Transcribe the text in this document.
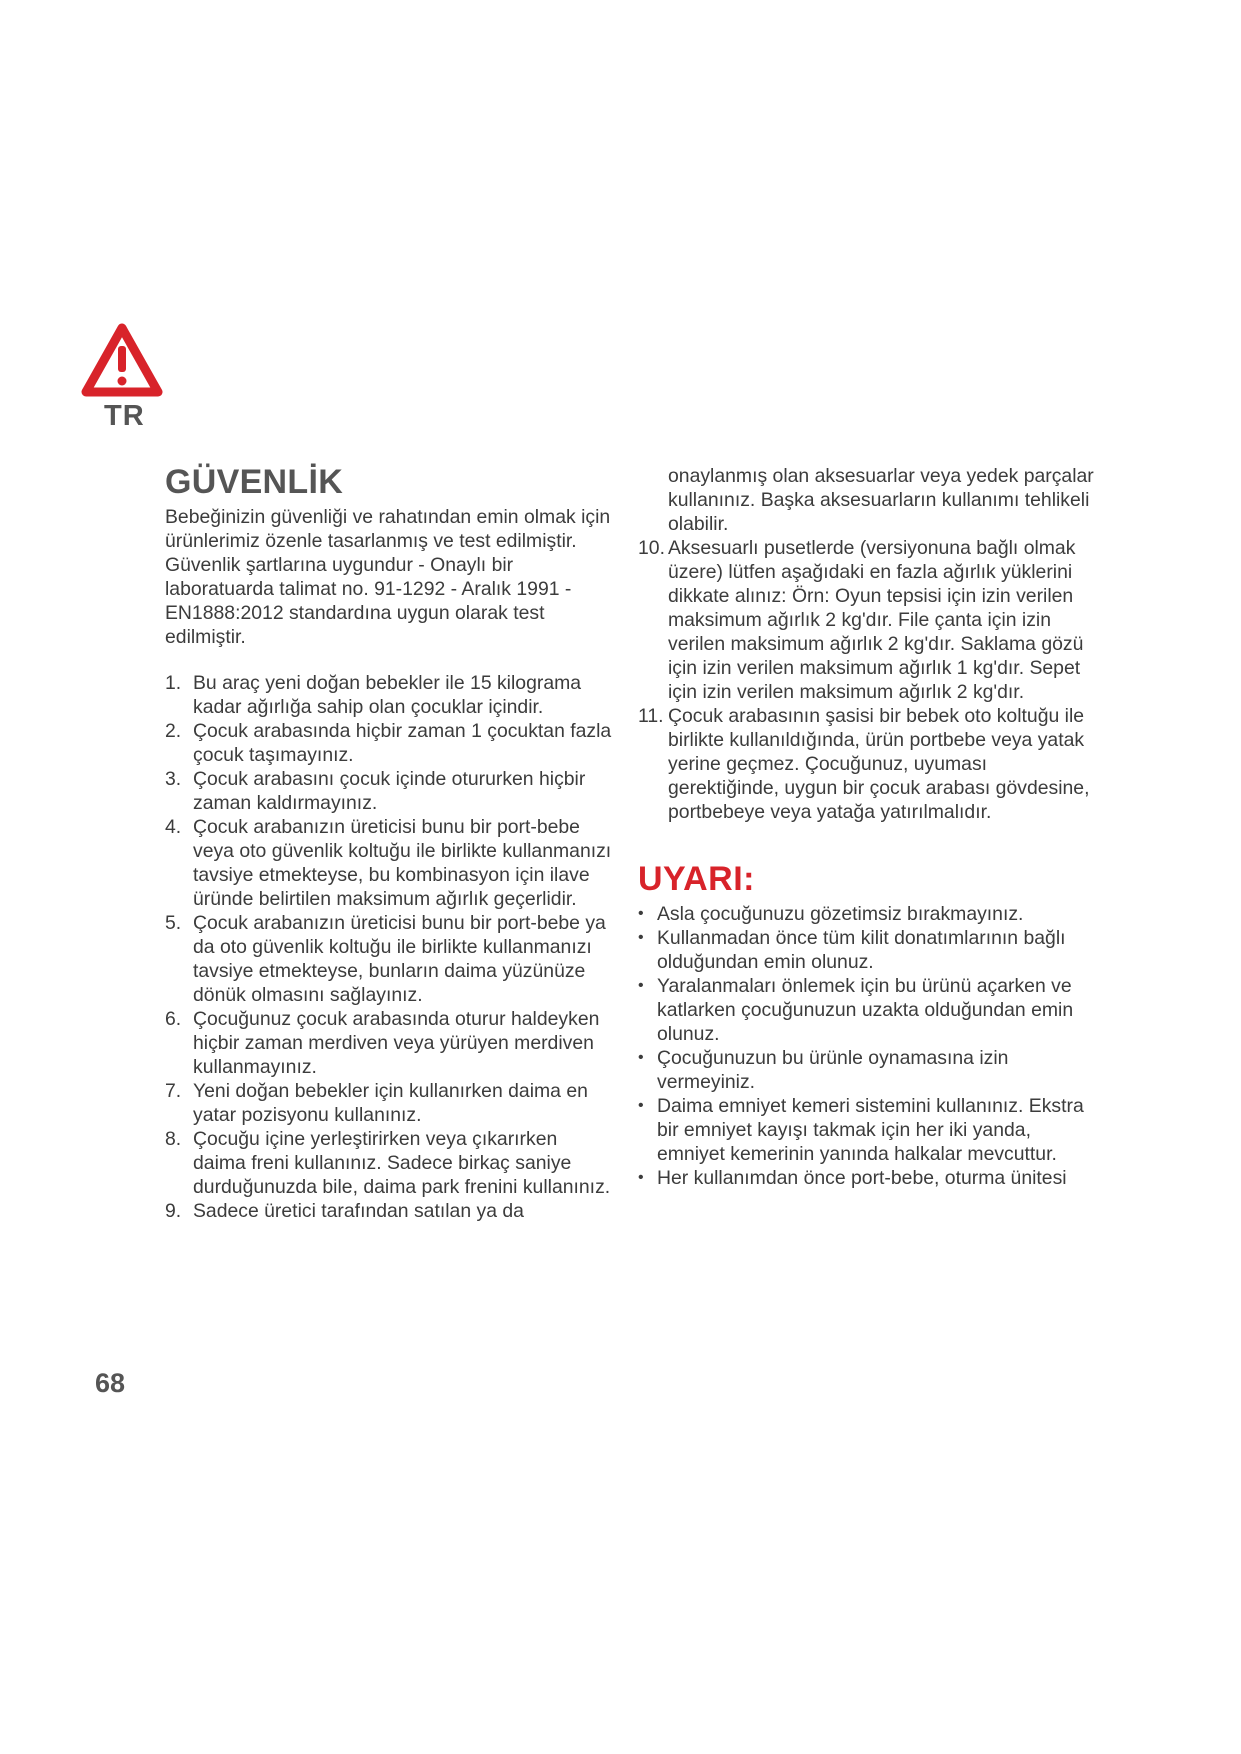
TR
GÜVENLİK

Bebeğinizin güvenliği ve rahatından emin olmak için ürünlerimiz özenle tasarlanmış ve test edilmiştir. Güvenlik şartlarına uygundur - Onaylı bir laboratuarda talimat no. 91-1292 - Aralık 1991 - EN1888:2012 standardına uygun olarak test edilmiştir.

1. Bu araç yeni doğan bebekler ile 15 kilograma kadar ağırlığa sahip olan çocuklar içindir.
2. Çocuk arabasında hiçbir zaman 1 çocuktan fazla çocuk taşımayınız.
3. Çocuk arabasını çocuk içinde otururken hiçbir zaman kaldırmayınız.
4. Çocuk arabanızın üreticisi bunu bir port-bebe veya oto güvenlik koltuğu ile birlikte kullanmanızı tavsiye etmekteyse, bu kombinasyon için ilave üründe belirtilen maksimum ağırlık geçerlidir.
5. Çocuk arabanızın üreticisi bunu bir port-bebe ya da oto güvenlik koltuğu ile birlikte kullanmanızı tavsiye etmekteyse, bunların daima yüzünüze dönük olmasını sağlayınız.
6. Çocuğunuz çocuk arabasında oturur haldeyken hiçbir zaman merdiven veya yürüyen merdiven kullanmayınız.
7. Yeni doğan bebekler için kullanırken daima en yatar pozisyonu kullanınız.
8. Çocuğu içine yerleştirirken veya çıkarırken daima freni kullanınız. Sadece birkaç saniye durduğunuzda bile, daima park frenini kullanınız.
9. Sadece üretici tarafından satılan ya da
onaylanmış olan aksesuarlar veya yedek parçalar kullanınız. Başka aksesuarların kullanımı tehlikeli olabilir.
10. Aksesuarlı pusetlerde (versiyonuna bağlı olmak üzere) lütfen aşağıdaki en fazla ağırlık yüklerini dikkate alınız: Örn: Oyun tepsisi için izin verilen maksimum ağırlık 2 kg'dır. File çanta için izin verilen maksimum ağırlık 2 kg'dır. Saklama gözü için izin verilen maksimum ağırlık 1 kg'dır. Sepet için izin verilen maksimum ağırlık 2 kg'dır.
11. Çocuk arabasının şasisi bir bebek oto koltuğu ile birlikte kullanıldığında, ürün portbebe veya yatak yerine geçmez. Çocuğunuz, uyuması gerektiğinde, uygun bir çocuk arabası gövdesine, portbebeye veya yatağa yatırılmalıdır.
UYARI:
• Asla çocuğunuzu gözetimsiz bırakmayınız.
• Kullanmadan önce tüm kilit donatımlarının bağlı olduğundan emin olunuz.
• Yaralanmaları önlemek için bu ürünü açarken ve katlarken çocuğunuzun uzakta olduğundan emin olunuz.
• Çocuğunuzun bu ürünle oynamasına izin vermeyiniz.
• Daima emniyet kemeri sistemini kullanınız. Ekstra bir emniyet kayışı takmak için her iki yanda, emniyet kemerinin yanında halkalar mevcuttur.
• Her kullanımdan önce port-bebe, oturma ünitesi
68
